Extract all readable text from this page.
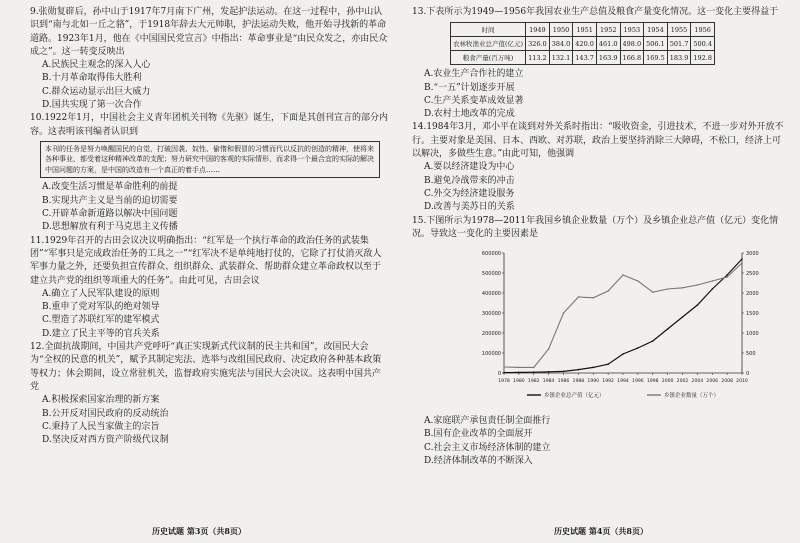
9.张勋复辟后，孙中山于1917年7月南下广州，发起护法运动。在这一过程中，孙中山认识到“南与北如一丘之貉”，于1918年辞去大元帅职，护法运动失败，他开始寻找新的革命道路。1923年1月，他在《中国国民党宣言》中指出：革命事业是“由民众发之，亦由民众成之”。这一转变反映出

A.民族民主观念的深入人心

B.十月革命取得伟大胜利

C.群众运动显示出巨大威力

D.国共实现了第一次合作

10.1922年1月，中国社会主义青年团机关刊物《先驱》诞生，下面是其创刊宣言的部分内容。这表明该刊编者认识到

本刊的任务是努力唤醒国民的自觉，打破因袭、奴性、偷惰和假冒的习惯而代以反抗的创造的精神，使将来各种事业，都受着这种精神改革的支配；努力研究中国的客观的实际情形，而求得一个最合宜的实际的解决中国问题的方案，是中国的改造有一个真正的着手点……

A.改变生活习惯是革命胜利的前提

B.实现共产主义是当前的迫切需要

C.开辟革命新道路以解决中国问题

D.思想解放有利于马克思主义传播

11.1929年召开的古田会议决议明确指出：“红军是一个执行革命的政治任务的武装集团”“军事只是完成政治任务的工具之一”“红军决不是单纯地打仗的，它除了打仗消灭敌人军事力量之外，还要负担宣传群众、组织群众、武装群众、帮助群众建立革命政权以至于建立共产党的组织等项重大的任务”。由此可见，古田会议

A.确立了人民军队建设的原则

B.重申了党对军队的绝对领导

C.塑造了苏联红军的建军模式

D.建立了民主平等的官兵关系

12.全面抗战期间，中国共产党呼吁“真正实现新式代议制的民主共和国”，改国民大会为“全权的民意的机关”，赋予其制定宪法、选举与改组国民政府、决定政府各种基本政策等权力；休会期间，设立常驻机关，监督政府实施宪法与国民大会决议。这表明中国共产党

A.积极探索国家治理的新方案

B.公开反对国民政府的反动统治

C.秉持了人民当家做主的宗旨

D.坚决反对西方资产阶级代议制

历史试题 第3页（共8页）

13.下表所示为1949—1956年我国农业生产总值及粮食产量变化情况。这一变化主要得益于

时间	1949	1950	1951	1952	1953	1954	1955	1956
农林牧渔业总产值(亿元)	326.0	384.0	420.0	461.0	498.0	506.1	501.7	500.4
粮食产量(百万吨)	113.2	132.1	143.7	163.9	166.8	169.5	183.9	192.8

A.农业生产合作社的建立

B.“一五”计划逐步开展

C.生产关系变革成效显著

D.农村土地改革的完成

14.1984年3月，邓小平在谈到对外关系时指出：“吸收资金，引进技术，不进一步对外开放不行。主要对象是美国、日本、西欧、对苏联，政治上要坚持消除三大障碍，不松口，经济上可以解决，多做些生意。”由此可知，他强调

A.要以经济建设为中心

B.避免冷战带来的冲击

C.外交为经济建设服务

D.改善与美苏日的关系

15.下图所示为1978—2011年我国乡镇企业数量（万个）及乡镇企业总产值（亿元）变化情况。导致这一变化的主要因素是

0
100000
200000
300000
400000
500000
600000
0
500
1000
1500
2000
2500
3000
1978 1980 1982 1984 1986 1988 1990 1992 1994 1996 1998 2000 2002 2004 2006 2008 2010
乡镇企业总产值（亿元）	乡镇企业数量（万个）

A.家庭联产承包责任制全面推行

B.国有企业改革的全面展开

C.社会主义市场经济体制的建立

D.经济体制改革的不断深入

历史试题 第4页（共8页）
